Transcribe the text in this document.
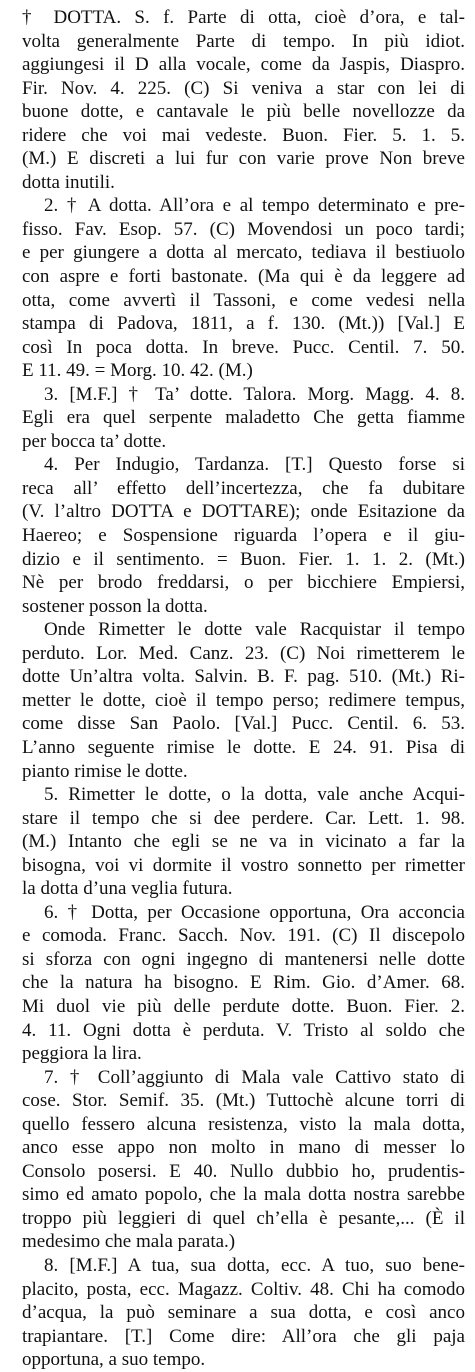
† DOTTA. S. f. Parte di otta, cioè d’ora, e tal-
volta generalmente Parte di tempo. In più idiot.
aggiungesi il D alla vocale, come da Jaspis, Diaspro.
Fir. Nov. 4. 225. (C) Si veniva a star con lei di
buone dotte, e cantavale le più belle novellozze da
ridere che voi mai vedeste. Buon. Fier. 5. 1. 5.
(M.) E discreti a lui fur con varie prove Non breve
dotta inutili.
2. † A dotta. All’ora e al tempo determinato e pre-
fisso. Fav. Esop. 57. (C) Movendosi un poco tardi;
e per giungere a dotta al mercato, tediava il bestiuolo
con aspre e forti bastonate. (Ma qui è da leggere ad
otta, come avvertì il Tassoni, e come vedesi nella
stampa di Padova, 1811, a f. 130. (Mt.)) [Val.] E
così In poca dotta. In breve. Pucc. Centil. 7. 50.
E 11. 49. = Morg. 10. 42. (M.)
3. [M.F.] † Ta’ dotte. Talora. Morg. Magg. 4. 8.
Egli era quel serpente maladetto Che getta fiamme
per bocca ta’ dotte.
4. Per Indugio, Tardanza. [T.] Questo forse si
reca all’ effetto dell’incertezza, che fa dubitare
(V. l’altro DOTTA e DOTTARE); onde Esitazione da
Haereo; e Sospensione riguarda l’opera e il giu-
dizio e il sentimento. = Buon. Fier. 1. 1. 2. (Mt.)
Nè per brodo freddarsi, o per bicchiere Empiersi,
sostener posson la dotta.
Onde Rimetter le dotte vale Racquistar il tempo
perduto. Lor. Med. Canz. 23. (C) Noi rimetterem le
dotte Un’altra volta. Salvin. B. F. pag. 510. (Mt.) Ri-
metter le dotte, cioè il tempo perso; redimere tempus,
come disse San Paolo. [Val.] Pucc. Centil. 6. 53.
L’anno seguente rimise le dotte. E 24. 91. Pisa di
pianto rimise le dotte.
5. Rimetter le dotte, o la dotta, vale anche Acqui-
stare il tempo che si dee perdere. Car. Lett. 1. 98.
(M.) Intanto che egli se ne va in vicinato a far la
bisogna, voi vi dormite il vostro sonnetto per rimetter
la dotta d’una veglia futura.
6. † Dotta, per Occasione opportuna, Ora acconcia
e comoda. Franc. Sacch. Nov. 191. (C) Il discepolo
si sforza con ogni ingegno di mantenersi nelle dotte
che la natura ha bisogno. E Rim. Gio. d’Amer. 68.
Mi duol vie più delle perdute dotte. Buon. Fier. 2.
4. 11. Ogni dotta è perduta. V. Tristo al soldo che
peggiora la lira.
7. † Coll’aggiunto di Mala vale Cattivo stato di
cose. Stor. Semif. 35. (Mt.) Tuttochè alcune torri di
quello fessero alcuna resistenza, visto la mala dotta,
anco esse appo non molto in mano di messer lo
Consolo posersi. E 40. Nullo dubbio ho, prudentis-
simo ed amato popolo, che la mala dotta nostra sarebbe
troppo più leggieri di quel ch’ella è pesante,... (È il
medesimo che mala parata.)
8. [M.F.] A tua, sua dotta, ecc. A tuo, suo bene-
placito, posta, ecc. Magazz. Coltiv. 48. Chi ha comodo
d’acqua, la può seminare a sua dotta, e così anco
trapiantare. [T.] Come dire: All’ora che gli paja
opportuna, a suo tempo.
